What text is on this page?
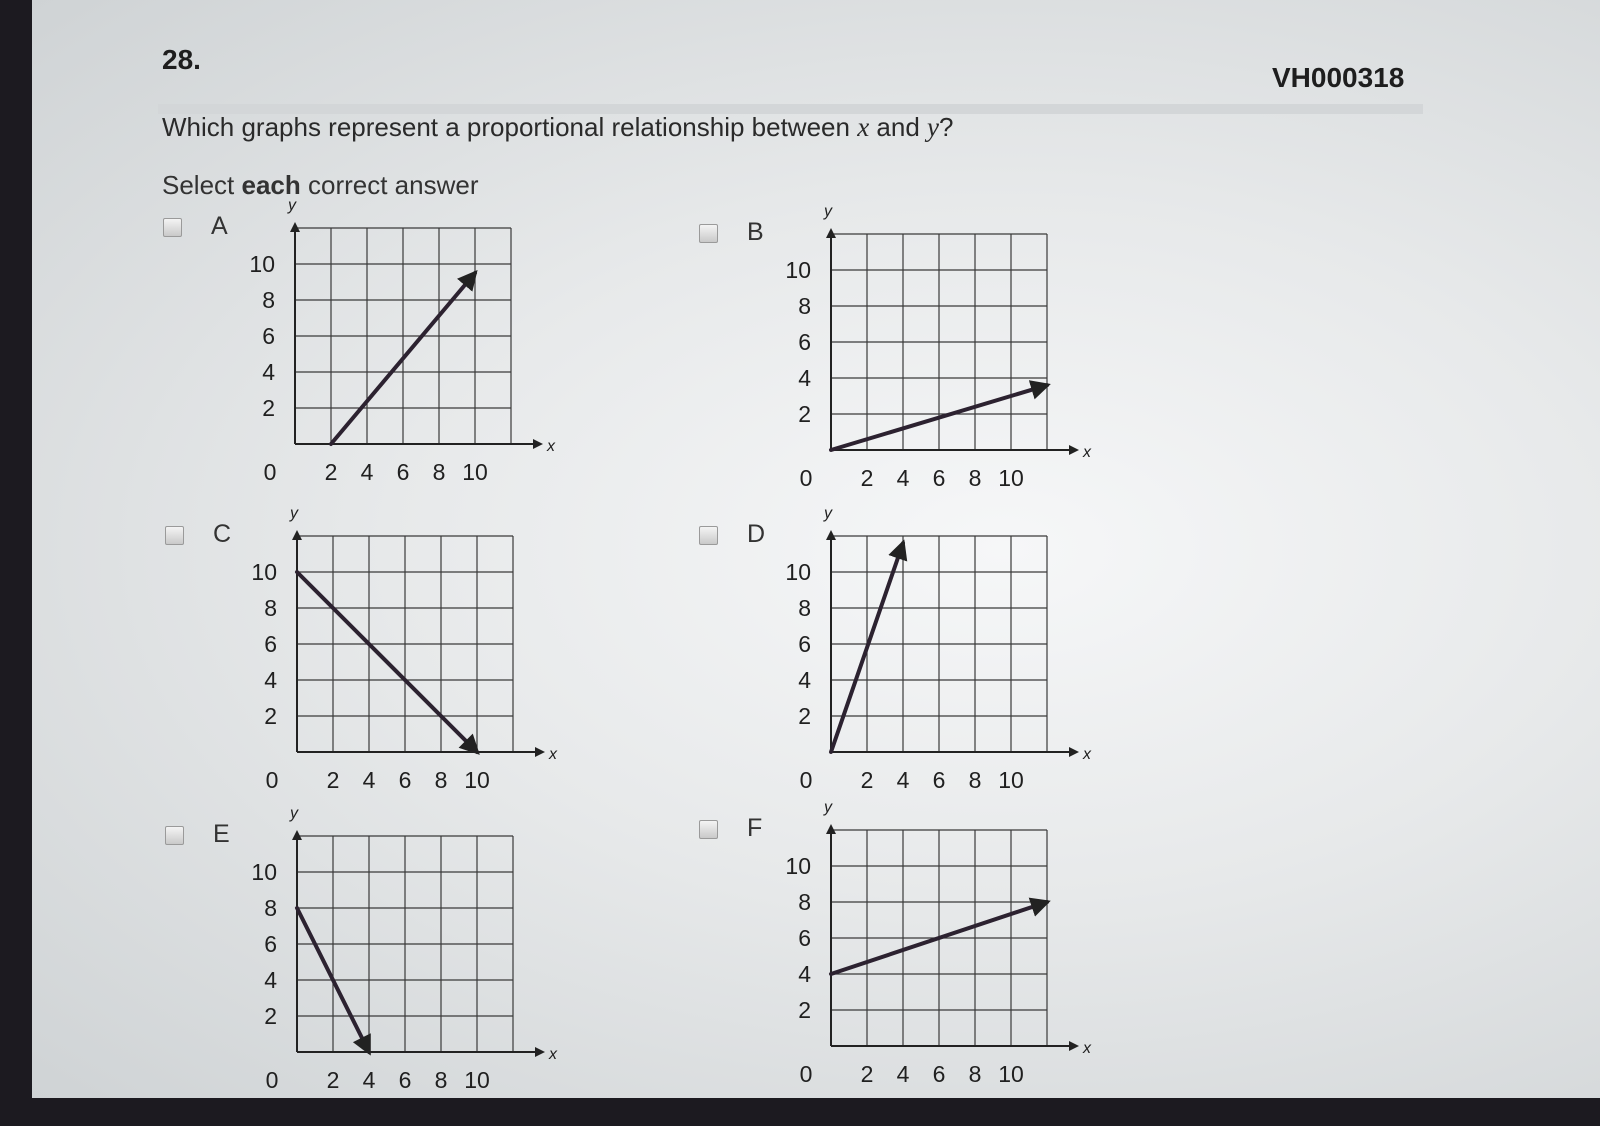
28.
VH000318
Which graphs represent a proportional relationship between x and y?
Select each correct answer
A
x
y
2 4 6 8 10
2
4
6
8
10
0
B
x
y
2 4 6 8 10
2
4
6
8
10
0
C
x
y
2 4 6 8 10
2
4
6
8
10
0
D
x
y
2 4 6 8 10
2
4
6
8
10
0
E
x
y
2 4 6 8 10
2
4
6
8
10
0
F
x
y
2 4 6 8 10
2
4
6
8
10
0
